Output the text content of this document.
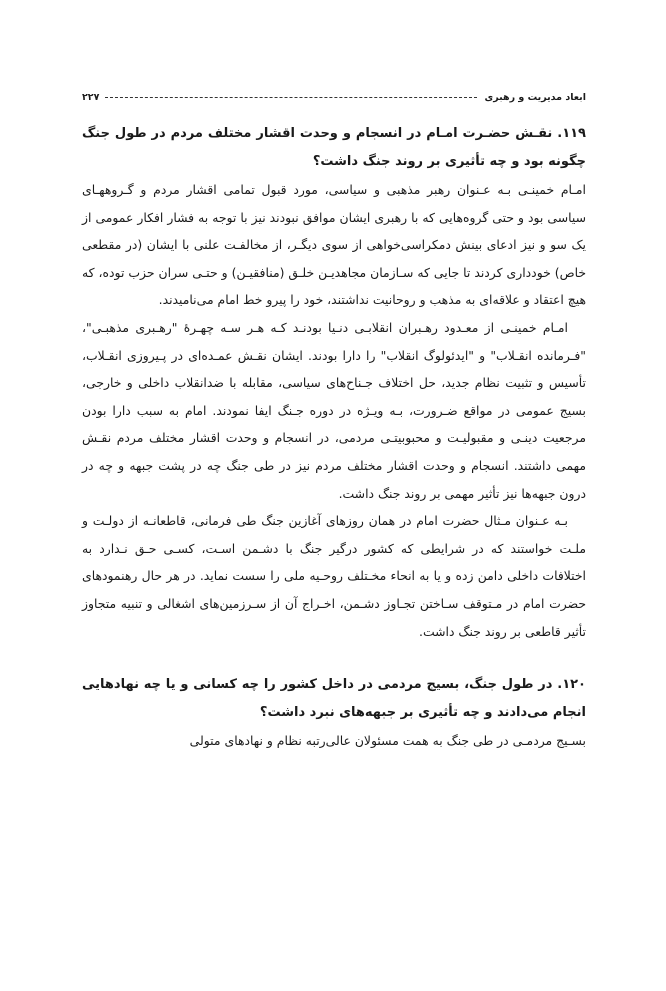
ابعاد مدیریت و رهبری
۲۲۷

۱۱۹. نقـش حضـرت امـام در انسجام و وحدت اقشار مختلف مردم در طول جنگ چگونه بود و چه تأثیری بر روند جنگ داشت؟

امـام خمینـی بـه عـنوان رهبر مذهبی و سیاسی، مورد قبول تمامی اقشار مردم و گـروههـای سیاسی بود و حتی گروه‌هایی که با رهبری ایشان موافق نبودند نیز با توجه به فشار افکار عمومی از یک سو و نیز ادعای بینش دمکراسی‌خواهی از سوی دیگـر، از مخالفـت علنی با ایشان (در مقطعی خاص) خودداری کردند تا جایی که سـازمان مجاهدیـن خلـق (منافقیـن) و حتـی سران حزب توده، که هیچ اعتقاد و علاقه‌ای به مذهب و روحانیت نداشتند، خود را پیرو خط امام می‌نامیدند.

امـام خمینـی از معـدود رهـبران انقلابـی دنـیا بودنـد کـه هـر سـه چهـرۀ "رهـبری مذهبـی"، "فـرمانده انقـلاب" و "ایدئولوگ انقلاب" را دارا بودند. ایشان نقـش عمـده‌ای در پـیروزی انقـلاب، تأسیس و تثبیت نظام جدید، حل اختلاف جـناح‌های سیاسی، مقابله با ضدانقلاب داخلی و خارجی، بسیج عمومی در مواقع ضـرورت، بـه ویـژه در دوره جـنگ ایفا نمودند. امام به سبب دارا بودن مرجعیت دینـی و مقبولیـت و محبوبیتـی مردمی، در انسجام و وحدت اقشار مختلف مردم نقـش مهمی داشتند. انسجام و وحدت اقشار مختلف مردم نیز در طی جنگ چه در پشت جبهه و چه در درون جبهه‌ها نیز تأثیر مهمی بر روند جنگ داشت.

بـه عـنوان مـثال حضرت امام در همان روزهای آغازین جنگ طی فرمانی، قاطعانـه از دولـت و ملـت خواستند که در شرایطی که کشور درگیر جنگ با دشـمن اسـت، کسـی حـق نـدارد به اختلافات داخلی دامن زده و یا به انحاء مخـتلف روحـیه ملی را سست نماید. در هر حال رهنمودهای حضرت امام در مـتوقف سـاختن تجـاوز دشـمن، اخـراج آن از سـرزمین‌های اشغالی و تنبیه متجاوز تأثیر قاطعی بر روند جنگ داشت.

۱۲۰. در طول جنگ، بسیج مردمی در داخل کشور را چه کسانی و یا چه نهادهایی انجام می‌دادند و چه تأثیری بر جبهه‌های نبرد داشت؟

بسـیج مردمـی در طی جنگ به همت مسئولان عالی‌رتبه نظام و نهادهای متولی
